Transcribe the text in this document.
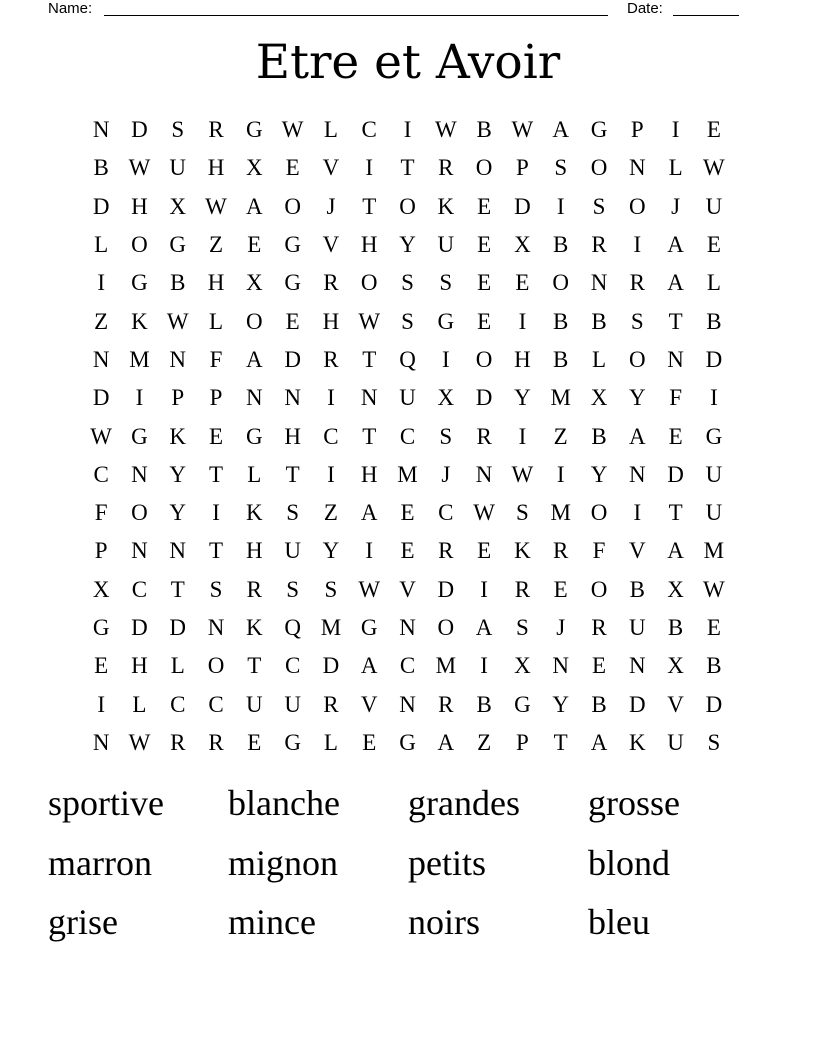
Name:	Date:
Etre et Avoir
N D	S	R G W L	C	I	W B W A G	P	I	E
B W U H X E V	I	T	R O	P	S	O N L W
D H X W A O	J	T O K E D	I	S	O	J	U
L O G Z	E G V H Y U E X B R	I	A E
I	G B H X G R O	S	S	E	E O N R A L
Z K W L O E H W S	G E	I	B B	S	T	B
N M N	F	A D R	T Q	I	O H B	L O N D
D	I	P	P	N N	I	N U X D Y M X Y	F	I
W G K E G H C	T	C	S	R	I	Z	B A E G
C N Y T	L	T	I	H M	J	N W	I	Y N D U
F	O Y	I	K	S	Z A E	C W S M O	I	T U
P	N N T H U Y	I	E	R	E K R	F	V A M
X C	T	S	R	S	S W V D	I	R	E O B X W
G D D N K Q M G N O A	S	J	R U B	E
E H L O T	C D A C M	I	X N E N X B
I	L	C C U U R V N R B G Y B D V D
N W R R	E G L	E G A Z	P	T A K U	S
sportive	blanche	grandes	grosse
marron	mignon	petits	blond
grise	mince	noirs	bleu
